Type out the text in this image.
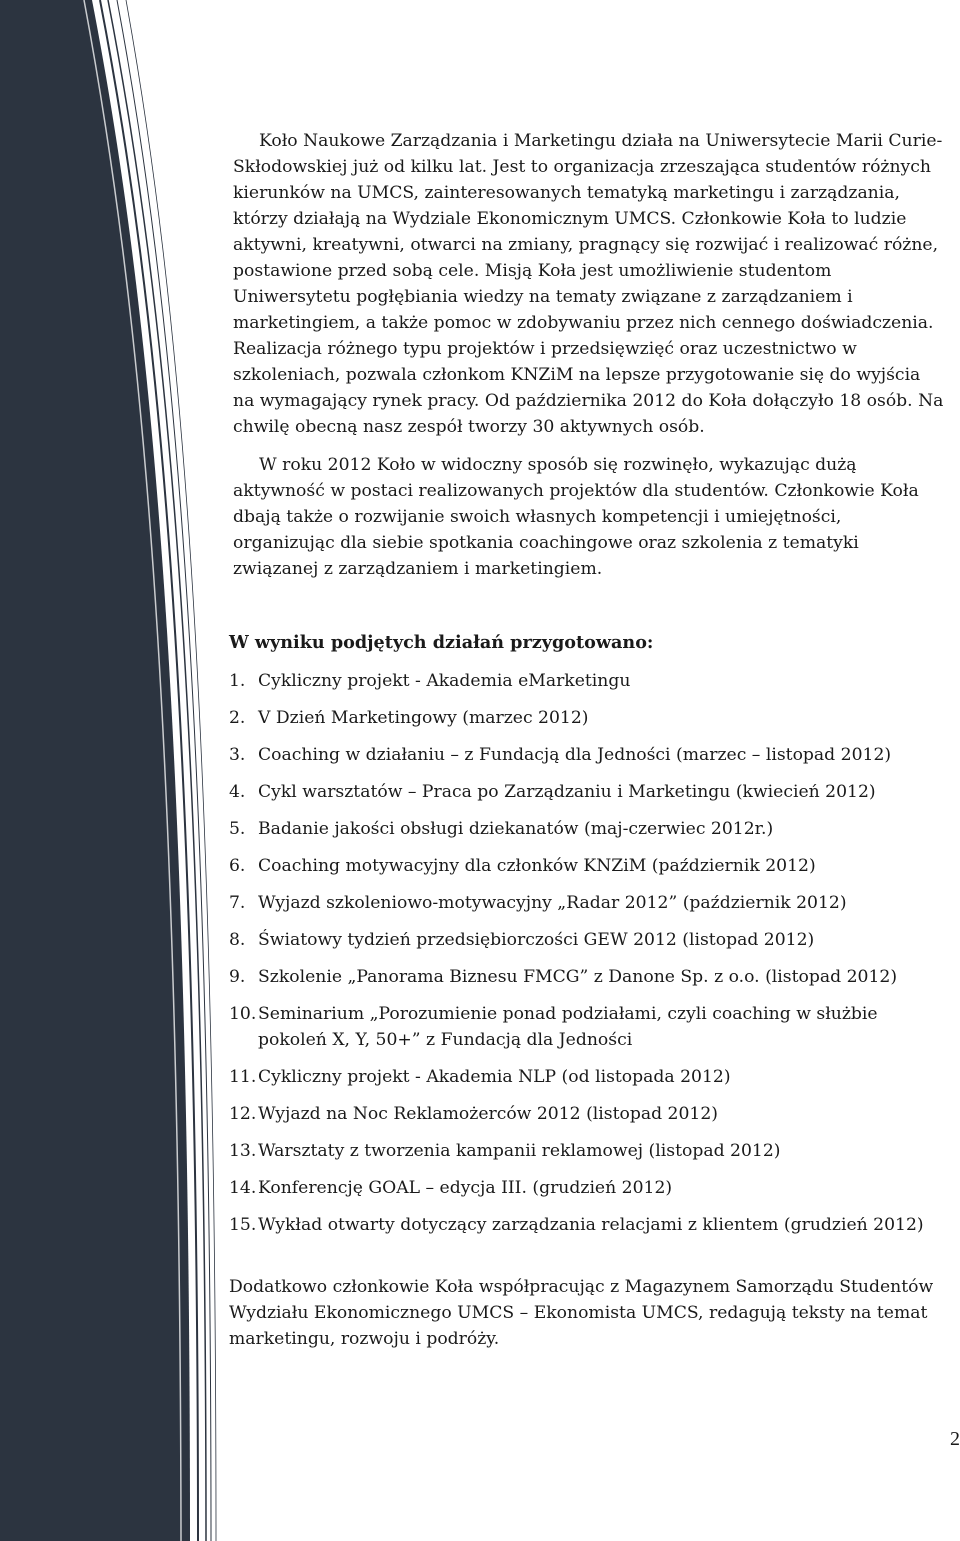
Koło Naukowe Zarządzania i Marketingu działa na Uniwersytecie Marii Curie-Skłodowskiej już od kilku lat. Jest to organizacja zrzeszająca studentów różnych kierunków na UMCS, zainteresowanych tematyką marketingu i zarządzania, którzy działają na Wydziale Ekonomicznym UMCS. Członkowie Koła to ludzie aktywni, kreatywni, otwarci na zmiany, pragnący się rozwijać i realizować różne, postawione przed sobą cele. Misją Koła jest umożliwienie studentom Uniwersytetu pogłębiania wiedzy na tematy związane z zarządzaniem i marketingiem, a także pomoc w zdobywaniu przez nich cennego doświadczenia. Realizacja różnego typu projektów i przedsięwzięć oraz uczestnictwo w szkoleniach, pozwala członkom KNZiM na lepsze przygotowanie się do wyjścia na wymagający rynek pracy. Od października 2012 do Koła dołączyło 18 osób. Na chwilę obecną nasz zespół tworzy 30 aktywnych osób.

W roku 2012 Koło w widoczny sposób się rozwinęło, wykazując dużą aktywność w postaci realizowanych projektów dla studentów. Członkowie Koła dbają także o rozwijanie swoich własnych kompetencji i umiejętności, organizując dla siebie spotkania coachingowe oraz szkolenia z tematyki związanej z zarządzaniem i marketingiem.

W wyniku podjętych działań przygotowano:
1. Cykliczny projekt - Akademia eMarketingu
2. V Dzień Marketingowy (marzec 2012)
3. Coaching w działaniu – z Fundacją dla Jedności (marzec – listopad 2012)
4. Cykl warsztatów – Praca po Zarządzaniu i Marketingu (kwiecień 2012)
5. Badanie jakości obsługi dziekanatów (maj-czerwiec 2012r.)
6. Coaching motywacyjny dla członków KNZiM (październik 2012)
7. Wyjazd szkoleniowo-motywacyjny „Radar 2012” (październik 2012)
8. Światowy tydzień przedsiębiorczości GEW 2012 (listopad 2012)
9. Szkolenie „Panorama Biznesu FMCG” z Danone Sp. z o.o. (listopad 2012)
10. Seminarium „Porozumienie ponad podziałami, czyli coaching w służbie pokoleń X, Y, 50+” z Fundacją dla Jedności
11. Cykliczny projekt - Akademia NLP (od listopada 2012)
12. Wyjazd na Noc Reklamożerców 2012 (listopad 2012)
13. Warsztaty z tworzenia kampanii reklamowej (listopad 2012)
14. Konferencję GOAL – edycja III. (grudzień 2012)
15. Wykład otwarty dotyczący zarządzania relacjami z klientem (grudzień 2012)

Dodatkowo członkowie Koła współpracując z Magazynem Samorządu Studentów Wydziału Ekonomicznego UMCS – Ekonomista UMCS, redagują teksty na temat marketingu, rozwoju i podróży.

2
